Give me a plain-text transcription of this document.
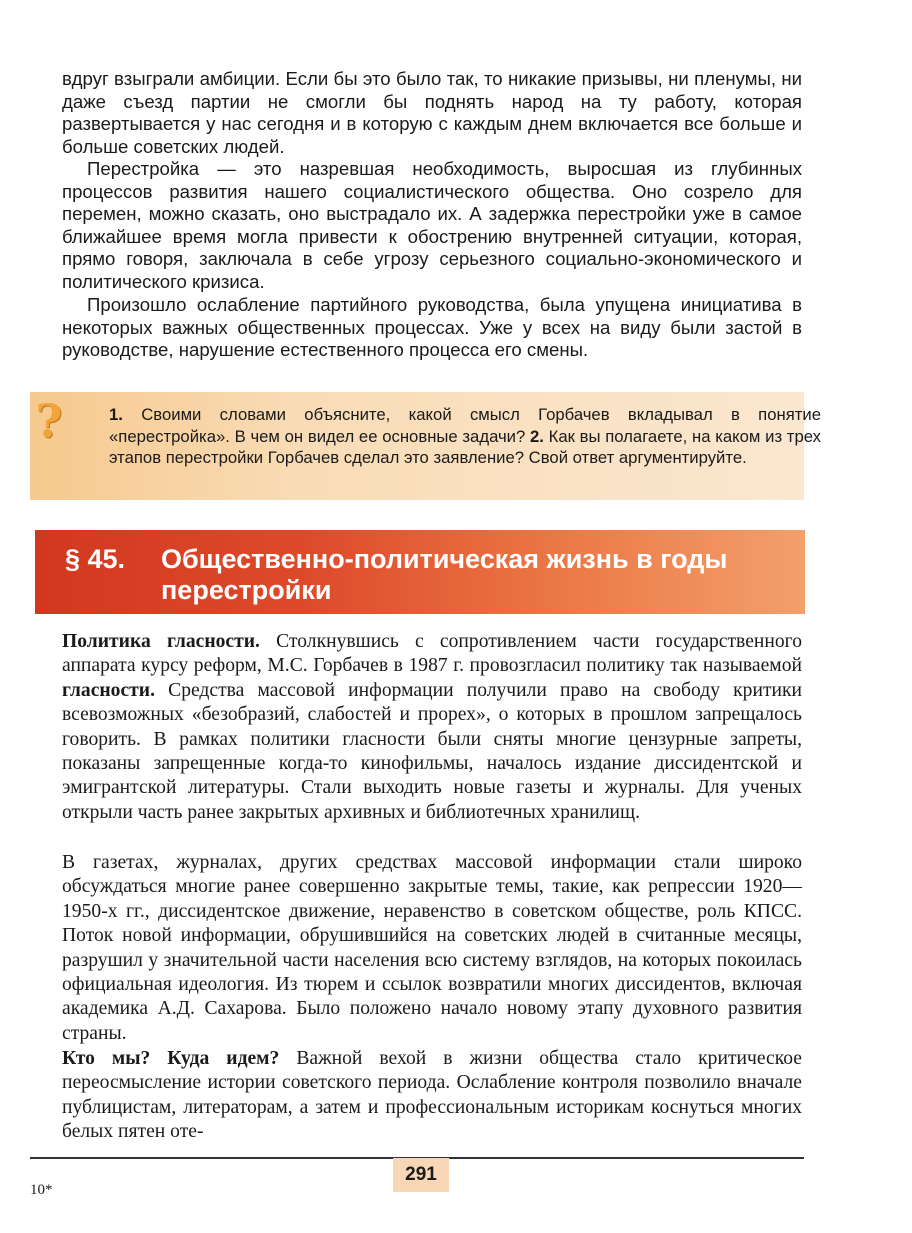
вдруг взыграли амбиции. Если бы это было так, то никакие призывы, ни пленумы, ни даже съезд партии не смогли бы поднять народ на ту работу, которая развертывается у нас сегодня и в которую с каждым днем включается все больше и больше советских людей.

Перестройка — это назревшая необходимость, выросшая из глубинных процессов развития нашего социалистического общества. Оно созрело для перемен, можно сказать, оно выстрадало их. А задержка перестройки уже в самое ближайшее время могла привести к обострению внутренней ситуации, которая, прямо говоря, заключала в себе угрозу серьезного социально-экономического и политического кризиса.

Произошло ослабление партийного руководства, была упущена инициатива в некоторых важных общественных процессах. Уже у всех на виду были застой в руководстве, нарушение естественного процесса его смены.

?	1. Своими словами объясните, какой смысл Горбачев вкладывал в понятие «перестройка». В чем он видел ее основные задачи? 2. Как вы полагаете, на каком из трех этапов перестройки Горбачев сделал это заявление? Свой ответ аргументируйте.

§ 45. Общественно-политическая жизнь в годы перестройки

Политика гласности. Столкнувшись с сопротивлением части государственного аппарата курсу реформ, М.С. Горбачев в 1987 г. провозгласил политику так называемой гласности. Средства массовой информации получили право на свободу критики всевозможных «безобразий, слабостей и прорех», о которых в прошлом запрещалось говорить. В рамках политики гласности были сняты многие цензурные запреты, показаны запрещенные когда-то кинофильмы, началось издание диссидентской и эмигрантской литературы. Стали выходить новые газеты и журналы. Для ученых открыли часть ранее закрытых архивных и библиотечных хранилищ.

В газетах, журналах, других средствах массовой информации стали широко обсуждаться многие ранее совершенно закрытые темы, такие, как репрессии 1920—1950-х гг., диссидентское движение, неравенство в советском обществе, роль КПСС. Поток новой информации, обрушившийся на советских людей в считанные месяцы, разрушил у значительной части населения всю систему взглядов, на которых покоилась официальная идеология. Из тюрем и ссылок возвратили многих диссидентов, включая академика А.Д. Сахарова. Было положено начало новому этапу духовного развития страны.

Кто мы? Куда идем? Важной вехой в жизни общества стало критическое переосмысление истории советского периода. Ослабление контроля позволило вначале публицистам, литераторам, а затем и профессиональным историкам коснуться многих белых пятен оте-

291
10*
